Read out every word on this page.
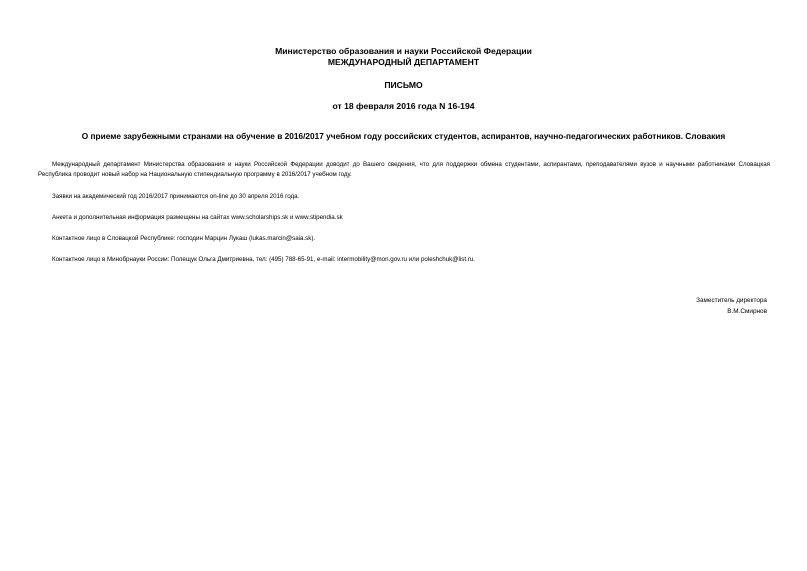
Министерство образования и науки Российской Федерации
МЕЖДУНАРОДНЫЙ ДЕПАРТАМЕНТ
ПИСЬМО
от 18 февраля 2016 года N 16-194
О приеме зарубежными странами на обучение в 2016/2017 учебном году российских студентов, аспирантов, научно-педагогических работников. Словакия
Международный департамент Министерства образования и науки Российской Федерации доводит до Вашего сведения, что для поддержки обмена студентами, аспирантами, преподавателями вузов и научными работниками Словацкая Республика проводит новый набор на Национальную стипендиальную программу в 2016/2017 учебном году.
Заявки на академический год 2016/2017 принимаются on-line до 30 апреля 2016 года.
Анкета и дополнительная информация размещены на сайтах www.scholarships.sk и www.stipendia.sk
Контактное лицо в Словацкой Республике: господин Марцин Лукаш (lukas.marcin@saia.sk).
Контактное лицо в Минобрнауки России: Полещук Ольга Дмитриевна, тел: (495) 788-65-91, e-mail: intermobility@mon.gov.ru или poleshchuk@list.ru.
Заместитель директора
В.М.Смирнов
